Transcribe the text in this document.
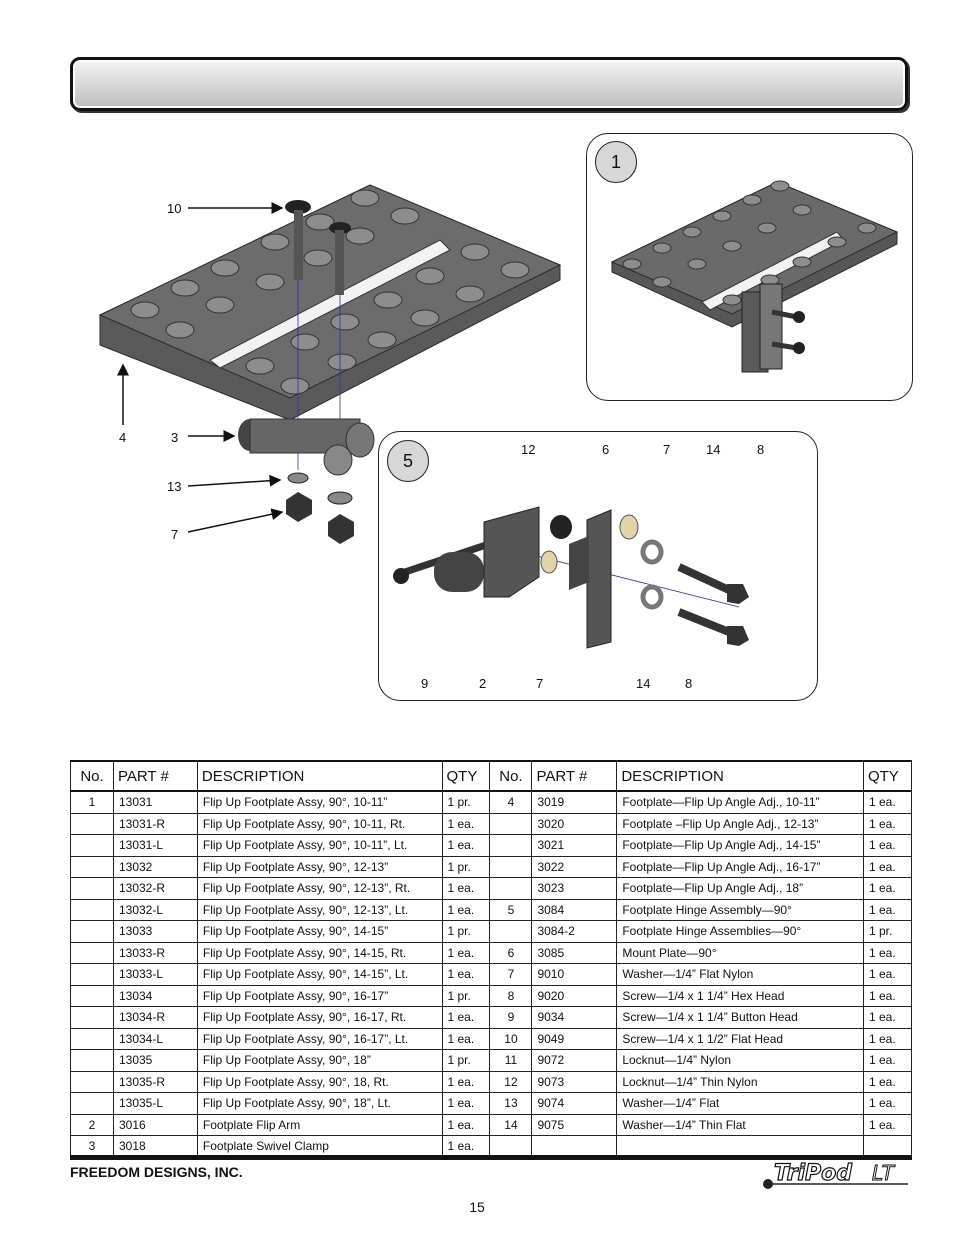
10
4	3
13
7
1
5
12	6	7	14	8
9	2	7	14	8
No.	PART #	DESCRIPTION	QTY	No.	PART #	DESCRIPTION	QTY
1	13031	Flip Up Footplate Assy, 90°, 10-11”	1 pr.	4	3019	Footplate—Flip Up Angle Adj., 10-11”	1 ea.
	13031-R	Flip Up Footplate Assy, 90°, 10-11, Rt.	1 ea.		3020	Footplate –Flip Up Angle Adj., 12-13”	1 ea.
	13031-L	Flip Up Footplate Assy, 90°, 10-11”, Lt.	1 ea.		3021	Footplate—Flip Up Angle Adj., 14-15”	1 ea.
	13032	Flip Up Footplate Assy, 90°, 12-13”	1 pr.		3022	Footplate—Flip Up Angle Adj., 16-17”	1 ea.
	13032-R	Flip Up Footplate Assy, 90°, 12-13”, Rt.	1 ea.		3023	Footplate—Flip Up Angle Adj., 18”	1 ea.
	13032-L	Flip Up Footplate Assy, 90°, 12-13”, Lt.	1 ea.	5	3084	Footplate Hinge Assembly—90°	1 ea.
	13033	Flip Up Footplate Assy, 90°, 14-15”	1 pr.		3084-2	Footplate Hinge Assemblies—90°	1 pr.
	13033-R	Flip Up Footplate Assy, 90°, 14-15, Rt.	1 ea.	6	3085	Mount Plate—90°	1 ea.
	13033-L	Flip Up Footplate Assy, 90°, 14-15”, Lt.	1 ea.	7	9010	Washer—1/4” Flat Nylon	1 ea.
	13034	Flip Up Footplate Assy, 90°, 16-17”	1 pr.	8	9020	Screw—1/4 x 1 1/4” Hex Head	1 ea.
	13034-R	Flip Up Footplate Assy, 90°, 16-17, Rt.	1 ea.	9	9034	Screw—1/4 x 1 1/4” Button Head	1 ea.
	13034-L	Flip Up Footplate Assy, 90°, 16-17”, Lt.	1 ea.	10	9049	Screw—1/4 x 1 1/2” Flat Head	1 ea.
	13035	Flip Up Footplate Assy, 90°, 18”	1 pr.	11	9072	Locknut—1/4” Nylon	1 ea.
	13035-R	Flip Up Footplate Assy, 90°, 18, Rt.	1 ea.	12	9073	Locknut—1/4” Thin Nylon	1 ea.
	13035-L	Flip Up Footplate Assy, 90°, 18”, Lt.	1 ea.	13	9074	Washer—1/4” Flat	1 ea.
2	3016	Footplate Flip Arm	1 ea.	14	9075	Washer—1/4” Thin Flat	1 ea.
3	3018	Footplate Swivel Clamp	1 ea.				
FREEDOM DESIGNS, INC.
15
TriPod LT
